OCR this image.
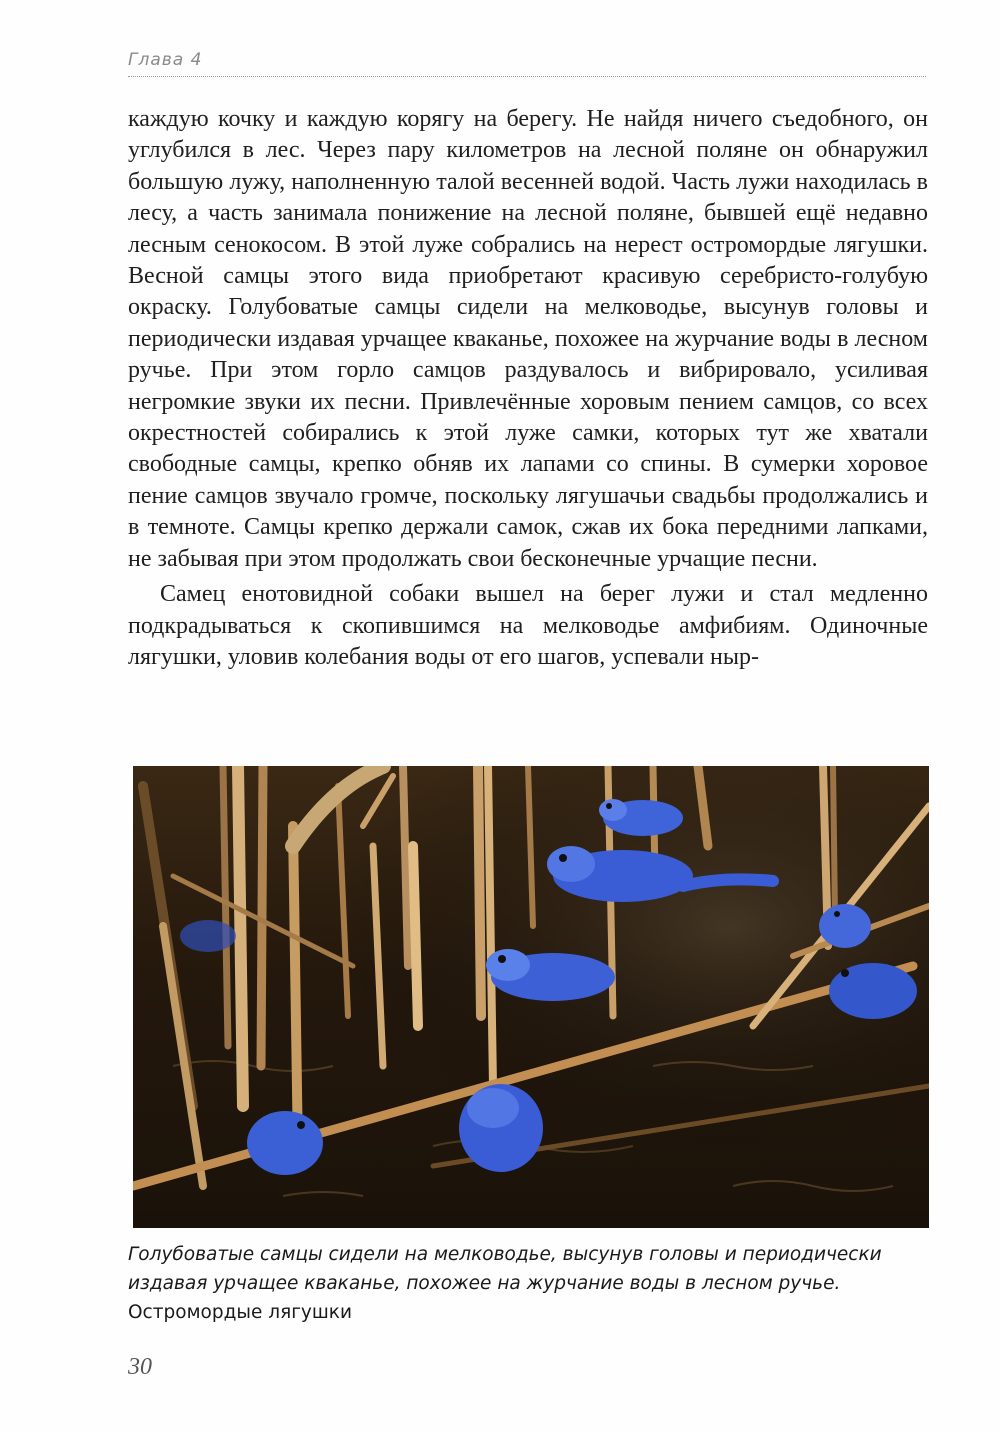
Глава 4

каждую кочку и каждую корягу на берегу. Не найдя ничего съедобного, он углубился в лес. Через пару километров на лесной поляне он обнаружил большую лужу, наполненную талой весенней водой. Часть лужи находилась в лесу, а часть занимала понижение на лесной поляне, бывшей ещё недавно лесным сенокосом. В этой луже собрались на нерест остромордые лягушки. Весной самцы этого вида приобретают красивую серебристо-голубую окраску. Голубоватые самцы сидели на мелководье, высунув головы и периодически издавая урчащее кваканье, похожее на журчание воды в лесном ручье. При этом горло самцов раздувалось и вибрировало, усиливая негромкие звуки их песни. Привлечённые хоровым пением самцов, со всех окрестностей собирались к этой луже самки, которых тут же хватали свободные самцы, крепко обняв их лапами со спины. В сумерки хоровое пение самцов звучало громче, поскольку лягушачьи свадьбы продолжались и в темноте. Самцы крепко держали самок, сжав их бока передними лапками, не забывая при этом продолжать свои бесконечные урчащие песни.

Самец енотовидной собаки вышел на берег лужи и стал медленно подкрадываться к скопившимся на мелководье амфибиям. Одиночные лягушки, уловив колебания воды от его шагов, успевали ныр-

Голубоватые самцы сидели на мелководье, высунув головы и периодически издавая урчащее кваканье, похожее на журчание воды в лесном ручье.
Остромордые лягушки
30
